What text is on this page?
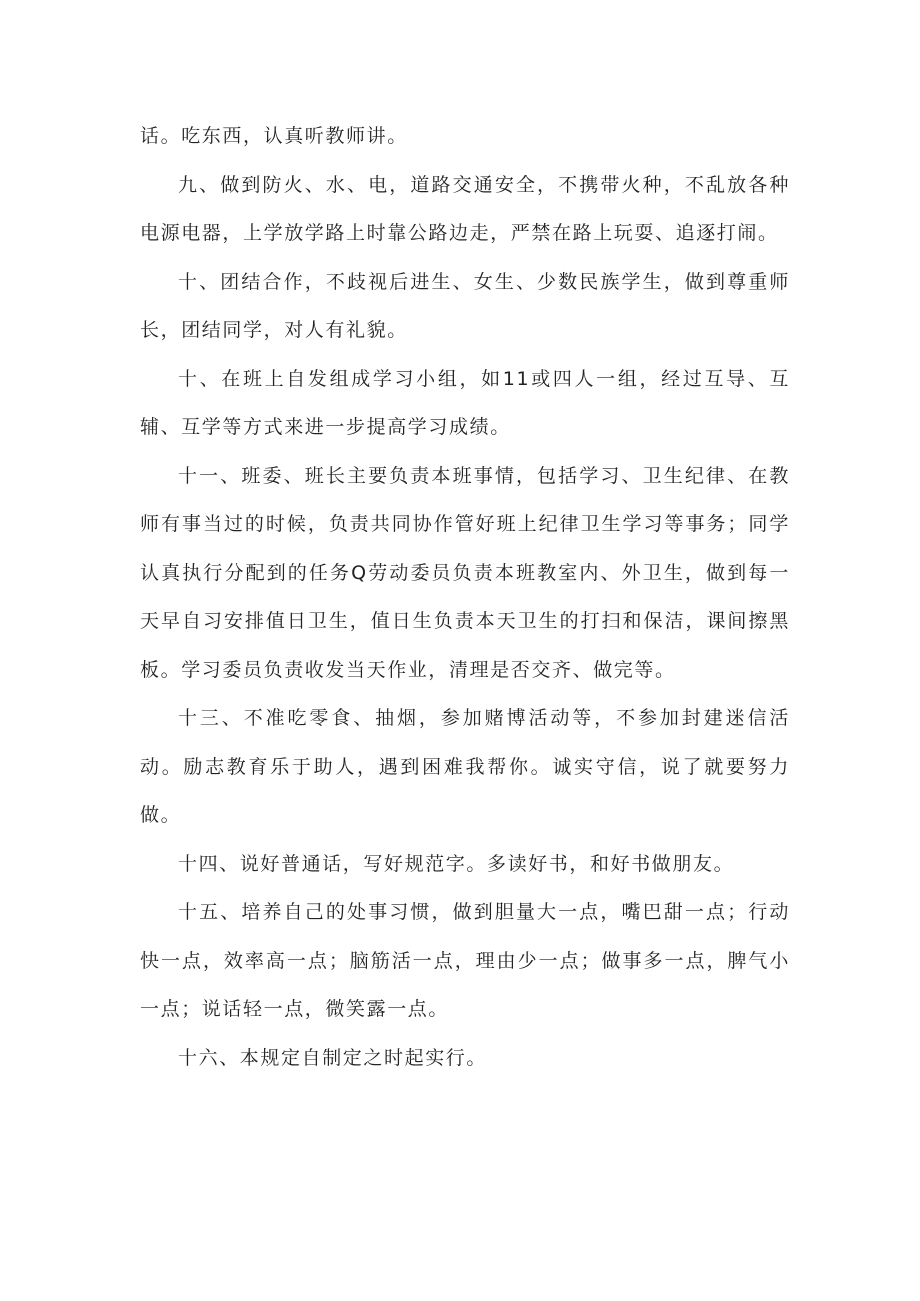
话。吃东西，认真听教师讲。

九、做到防火、水、电，道路交通安全，不携带火种，不乱放各种电源电器，上学放学路上时靠公路边走，严禁在路上玩耍、追逐打闹。

十、团结合作，不歧视后进生、女生、少数民族学生，做到尊重师长，团结同学，对人有礼貌。

十、在班上自发组成学习小组，如11或四人一组，经过互导、互辅、互学等方式来进一步提高学习成绩。

十一、班委、班长主要负责本班事情，包括学习、卫生纪律、在教师有事当过的时候，负责共同协作管好班上纪律卫生学习等事务；同学认真执行分配到的任务Q劳动委员负责本班教室内、外卫生，做到每一天早自习安排值日卫生，值日生负责本天卫生的打扫和保洁，课间擦黑板。学习委员负责收发当天作业，清理是否交齐、做完等。

十三、不准吃零食、抽烟，参加赌博活动等，不参加封建迷信活动。励志教育乐于助人，遇到困难我帮你。诚实守信，说了就要努力做。

十四、说好普通话，写好规范字。多读好书，和好书做朋友。

十五、培养自己的处事习惯，做到胆量大一点，嘴巴甜一点；行动快一点，效率高一点；脑筋活一点，理由少一点；做事多一点，脾气小一点；说话轻一点，微笑露一点。

十六、本规定自制定之时起实行。
